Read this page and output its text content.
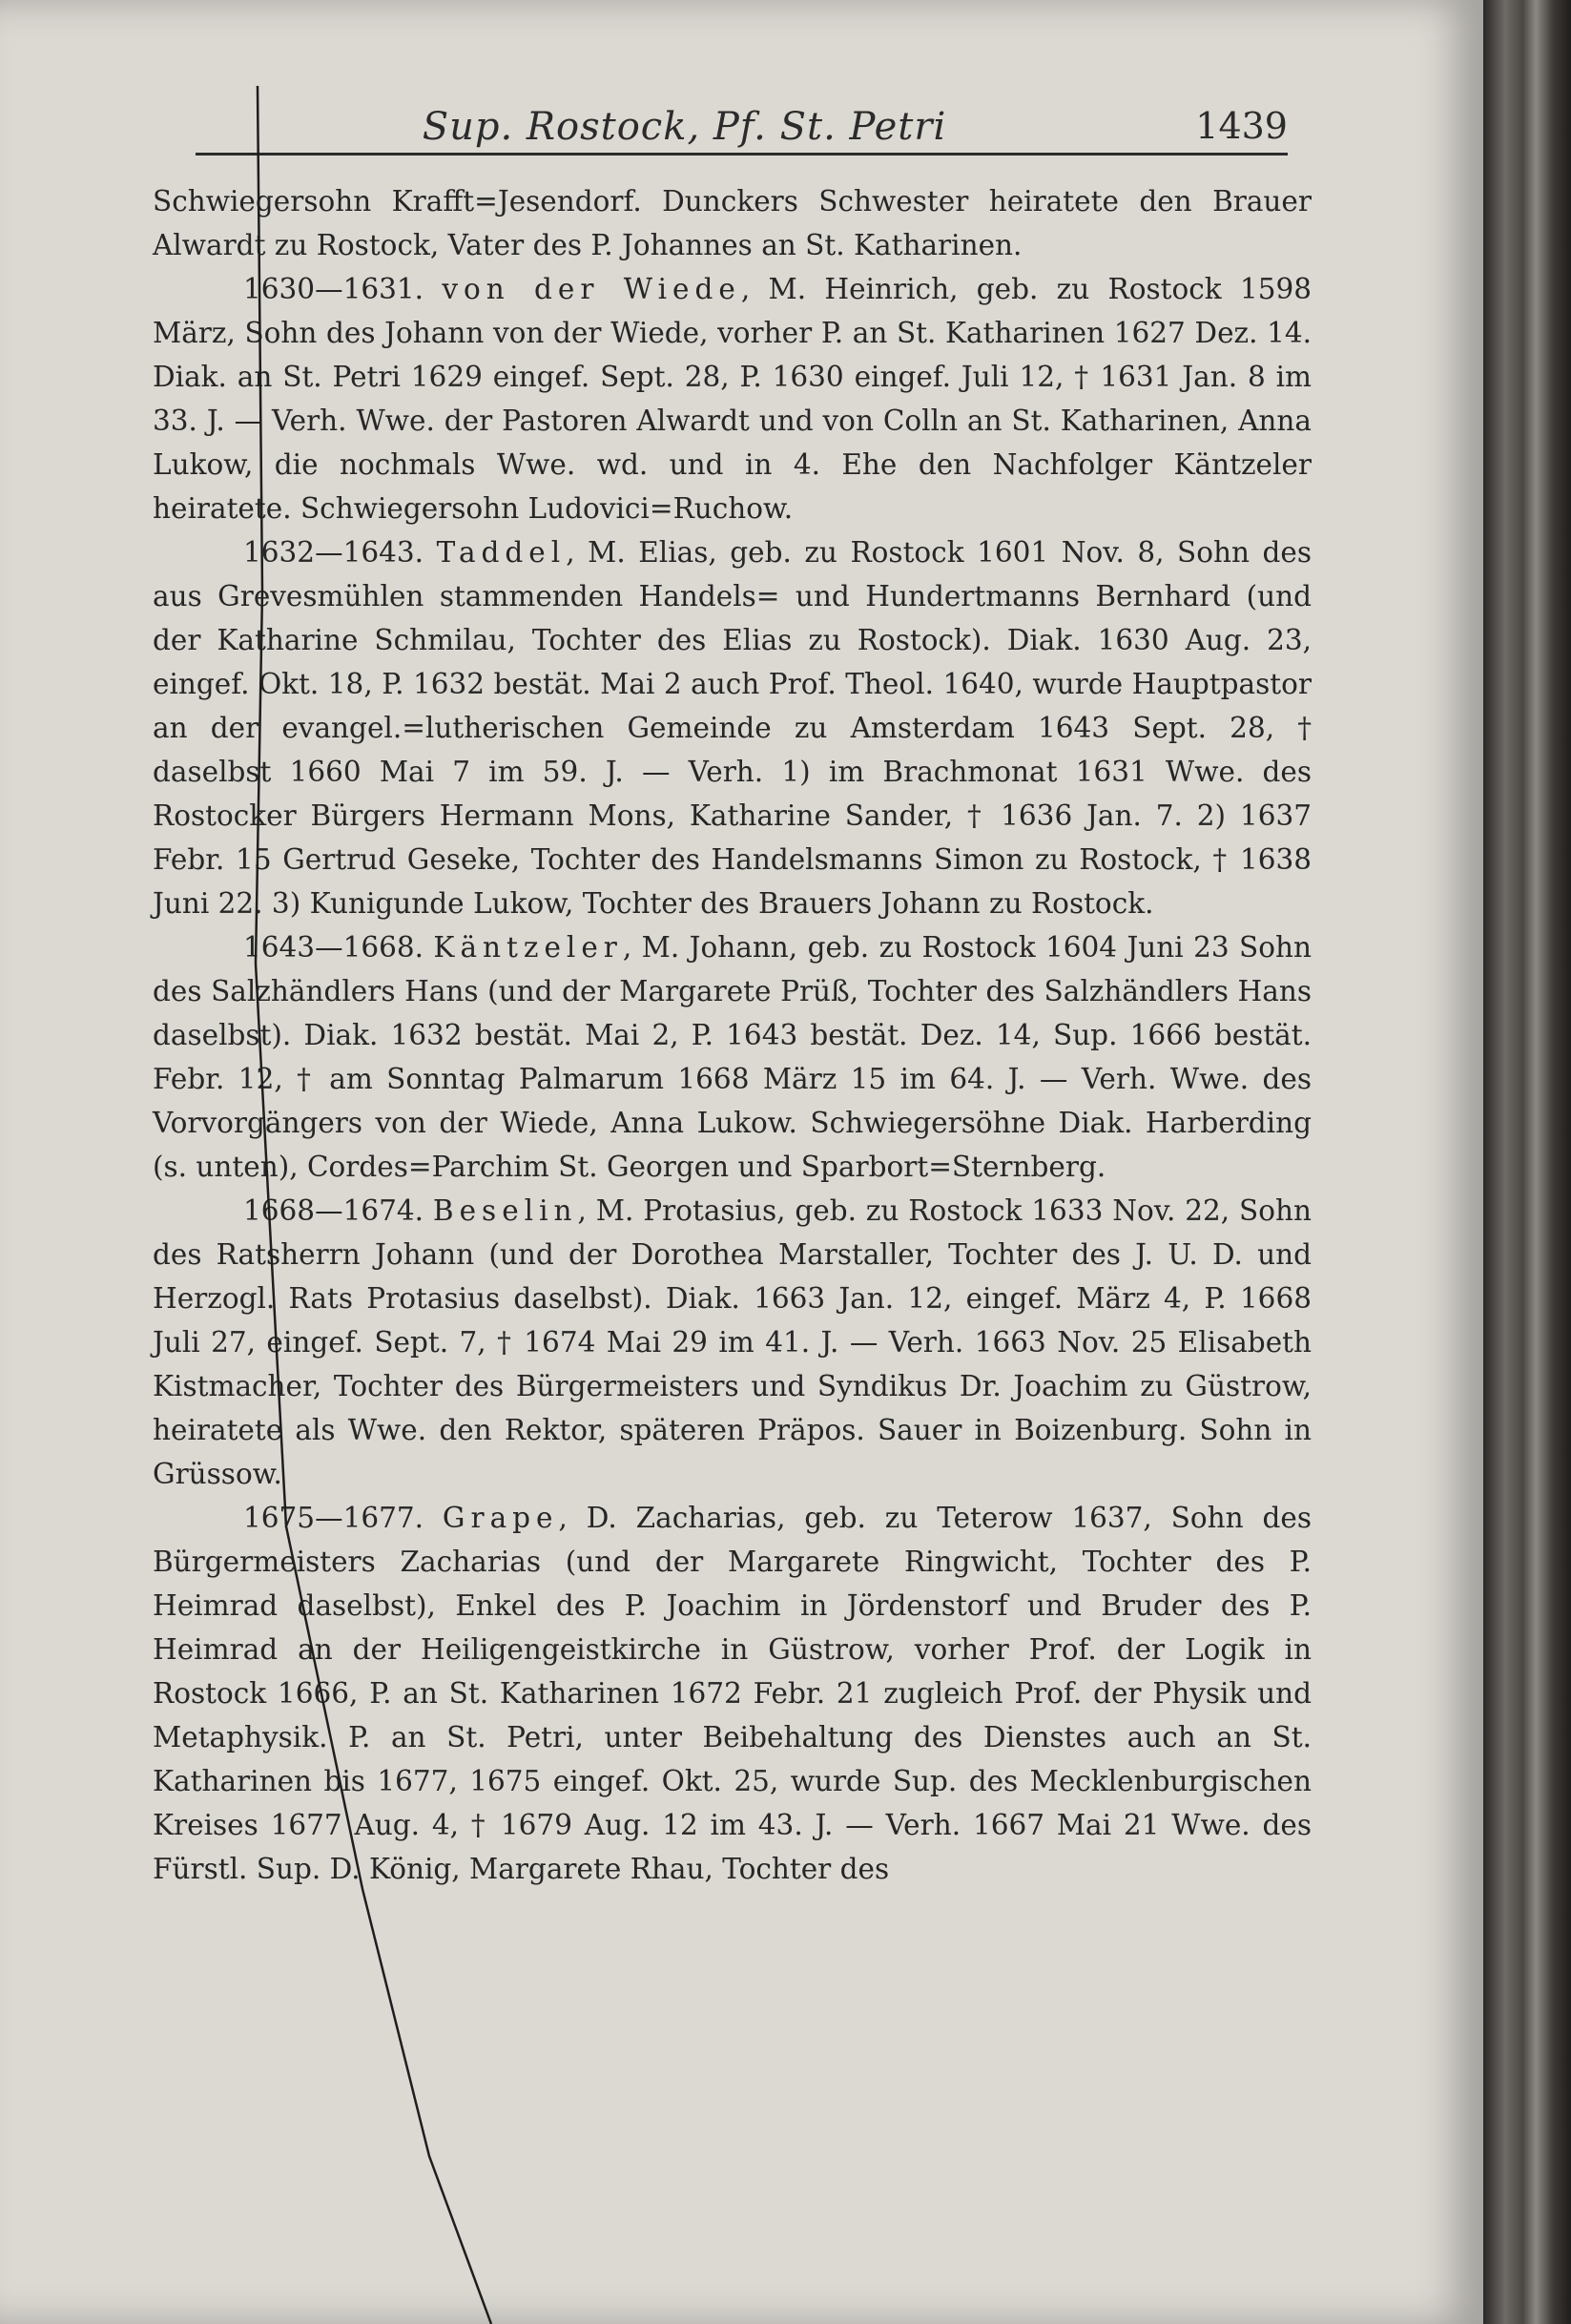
Sup. Rostock, Pf. St. Petri	1439

Schwiegersohn Krafft=Jesendorf. Dunckers Schwester heiratete den Brauer Alwardt zu Rostock, Vater des P. Johannes an St. Katharinen.

1630—1631. von der Wiede, M. Heinrich, geb. zu Rostock 1598 März, Sohn des Johann von der Wiede, vorher P. an St. Katharinen 1627 Dez. 14. Diak. an St. Petri 1629 eingef. Sept. 28, P. 1630 eingef. Juli 12, † 1631 Jan. 8 im 33. J. — Verh. Wwe. der Pastoren Alwardt und von Colln an St. Katharinen, Anna Lukow, die nochmals Wwe. wd. und in 4. Ehe den Nachfolger Käntzeler heiratete. Schwiegersohn Ludovici=Ruchow.

1632—1643. Taddel, M. Elias, geb. zu Rostock 1601 Nov. 8, Sohn des aus Grevesmühlen stammenden Handels= und Hundertmanns Bernhard (und der Katharine Schmilau, Tochter des Elias zu Rostock). Diak. 1630 Aug. 23, eingef. Okt. 18, P. 1632 bestät. Mai 2 auch Prof. Theol. 1640, wurde Hauptpastor an der evangel.=lutherischen Gemeinde zu Amsterdam 1643 Sept. 28, † daselbst 1660 Mai 7 im 59. J. — Verh. 1) im Brachmonat 1631 Wwe. des Rostocker Bürgers Hermann Mons, Katharine Sander, † 1636 Jan. 7. 2) 1637 Febr. 15 Gertrud Geseke, Tochter des Handelsmanns Simon zu Rostock, † 1638 Juni 22. 3) Kunigunde Lukow, Tochter des Brauers Johann zu Rostock.

1643—1668. Käntzeler, M. Johann, geb. zu Rostock 1604 Juni 23 Sohn des Salzhändlers Hans (und der Margarete Prüß, Tochter des Salzhändlers Hans daselbst). Diak. 1632 bestät. Mai 2, P. 1643 bestät. Dez. 14, Sup. 1666 bestät. Febr. 12, † am Sonntag Palmarum 1668 März 15 im 64. J. — Verh. Wwe. des Vorvorgängers von der Wiede, Anna Lukow. Schwiegersöhne Diak. Harberding (s. unten), Cordes=Parchim St. Georgen und Sparbort=Sternberg.

1668—1674. Beselin, M. Protasius, geb. zu Rostock 1633 Nov. 22, Sohn des Ratsherrn Johann (und der Dorothea Marstaller, Tochter des J. U. D. und Herzogl. Rats Protasius daselbst). Diak. 1663 Jan. 12, eingef. März 4, P. 1668 Juli 27, eingef. Sept. 7, † 1674 Mai 29 im 41. J. — Verh. 1663 Nov. 25 Elisabeth Kistmacher, Tochter des Bürgermeisters und Syndikus Dr. Joachim zu Güstrow, heiratete als Wwe. den Rektor, späteren Präpos. Sauer in Boizenburg. Sohn in Grüssow.

1675—1677. Grape, D. Zacharias, geb. zu Teterow 1637, Sohn des Bürgermeisters Zacharias (und der Margarete Ringwicht, Tochter des P. Heimrad daselbst), Enkel des P. Joachim in Jördenstorf und Bruder des P. Heimrad an der Heiligengeistkirche in Güstrow, vorher Prof. der Logik in Rostock 1666, P. an St. Katharinen 1672 Febr. 21 zugleich Prof. der Physik und Metaphysik. P. an St. Petri, unter Beibehaltung des Dienstes auch an St. Katharinen bis 1677, 1675 eingef. Okt. 25, wurde Sup. des Mecklenburgischen Kreises 1677 Aug. 4, † 1679 Aug. 12 im 43. J. — Verh. 1667 Mai 21 Wwe. des Fürstl. Sup. D. König, Margarete Rhau, Tochter des
